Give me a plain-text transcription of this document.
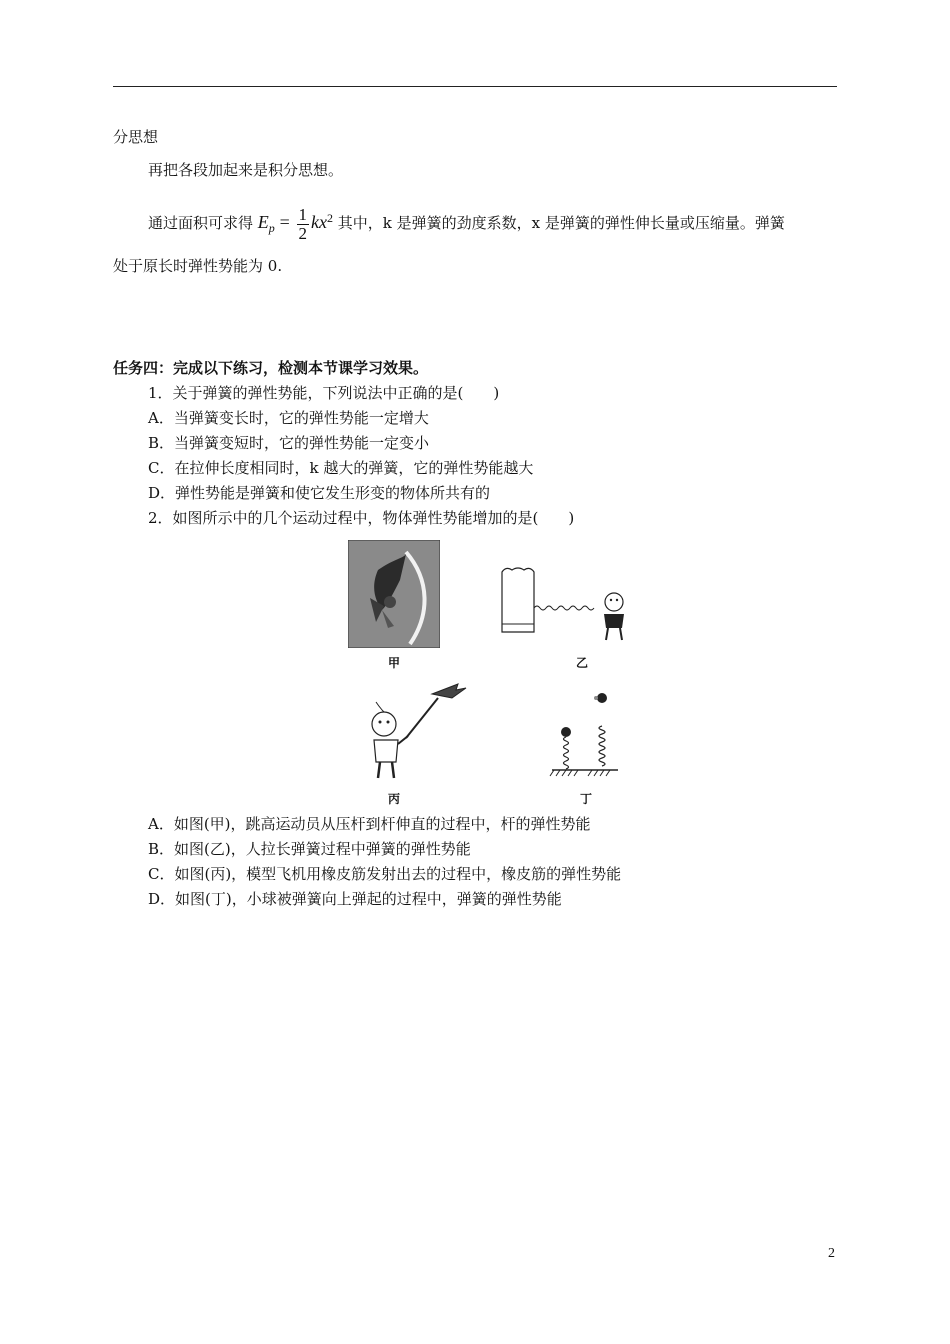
分思想
再把各段加起来是积分思想。
通过面积可求得 $E_p = \frac{1}{2} kx^2$ 其中，k 是弹簧的劲度系数，x 是弹簧的弹性伸长量或压缩量。弹簧
处于原长时弹性势能为 0.
任务四：完成以下练习，检测本节课学习效果。
1．关于弹簧的弹性势能，下列说法中正确的是(　　)
A．当弹簧变长时，它的弹性势能一定增大
B．当弹簧变短时，它的弹性势能一定变小
C．在拉伸长度相同时，k 越大的弹簧，它的弹性势能越大
D．弹性势能是弹簧和使它发生形变的物体所共有的
2．如图所示中的几个运动过程中，物体弹性势能增加的是(　　)
甲	乙
丙	丁
A．如图(甲)，跳高运动员从压杆到杆伸直的过程中，杆的弹性势能
B．如图(乙)，人拉长弹簧过程中弹簧的弹性势能
C．如图(丙)，模型飞机用橡皮筋发射出去的过程中，橡皮筋的弹性势能
D．如图(丁)，小球被弹簧向上弹起的过程中，弹簧的弹性势能
2
